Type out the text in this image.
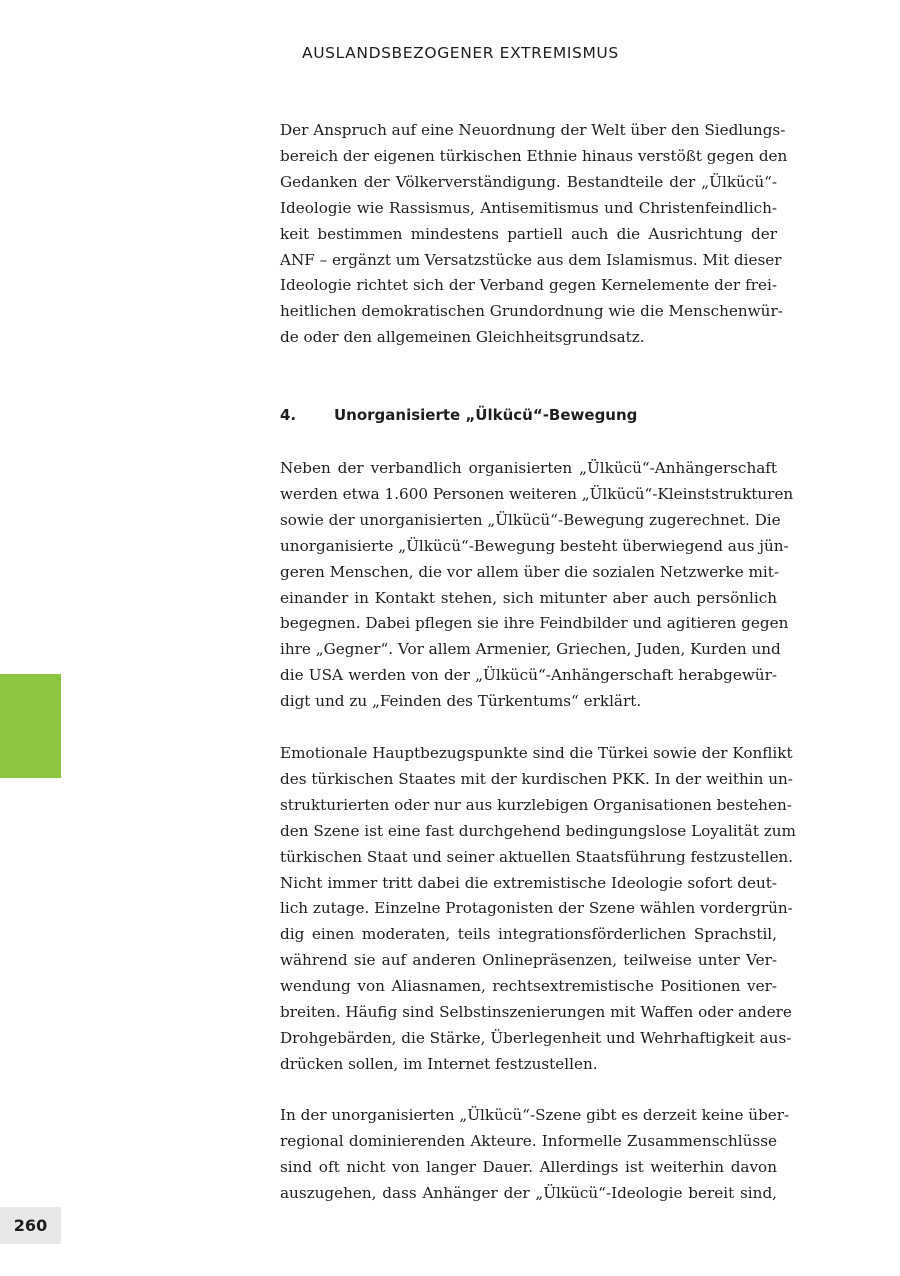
AUSLANDSBEZOGENER EXTREMISMUS

Der Anspruch auf eine Neuordnung der Welt über den Siedlungs-
bereich der eigenen türkischen Ethnie hinaus verstößt gegen den
Gedanken der Völkerverständigung. Bestandteile der „Ülkücü“-
Ideologie wie Rassismus, Antisemitismus und Christenfeindlich-
keit bestimmen mindestens partiell auch die Ausrichtung der
ANF – ergänzt um Versatzstücke aus dem Islamismus. Mit dieser
Ideologie richtet sich der Verband gegen Kernelemente der frei-
heitlichen demokratischen Grundordnung wie die Menschenwür-
de oder den allgemeinen Gleichheitsgrundsatz.

4.	Unorganisierte „Ülkücü“-Bewegung

Neben der verbandlich organisierten „Ülkücü“-Anhängerschaft
werden etwa 1.600 Personen weiteren „Ülkücü“-Kleinststrukturen
sowie der unorganisierten „Ülkücü“-Bewegung zugerechnet. Die
unorganisierte „Ülkücü“-Bewegung besteht überwiegend aus jün-
geren Menschen, die vor allem über die sozialen Netzwerke mit-
einander in Kontakt stehen, sich mitunter aber auch persönlich
begegnen. Dabei pflegen sie ihre Feindbilder und agitieren gegen
ihre „Gegner“. Vor allem Armenier, Griechen, Juden, Kurden und
die USA werden von der „Ülkücü“-Anhängerschaft herabgewür-
digt und zu „Feinden des Türkentums“ erklärt.

Emotionale Hauptbezugspunkte sind die Türkei sowie der Konflikt
des türkischen Staates mit der kurdischen PKK. In der weithin un-
strukturierten oder nur aus kurzlebigen Organisationen bestehen-
den Szene ist eine fast durchgehend bedingungslose Loyalität zum
türkischen Staat und seiner aktuellen Staatsführung festzustellen.
Nicht immer tritt dabei die extremistische Ideologie sofort deut-
lich zutage. Einzelne Protagonisten der Szene wählen vordergrün-
dig einen moderaten, teils integrationsförderlichen Sprachstil,
während sie auf anderen Onlinepräsenzen, teilweise unter Ver-
wendung von Aliasnamen, rechtsextremistische Positionen ver-
breiten. Häufig sind Selbstinszenierungen mit Waffen oder andere
Drohgebärden, die Stärke, Überlegenheit und Wehrhaftigkeit aus-
drücken sollen, im Internet festzustellen.

In der unorganisierten „Ülkücü“-Szene gibt es derzeit keine über-
regional dominierenden Akteure. Informelle Zusammenschlüsse
sind oft nicht von langer Dauer. Allerdings ist weiterhin davon
auszugehen, dass Anhänger der „Ülkücü“-Ideologie bereit sind,

260
